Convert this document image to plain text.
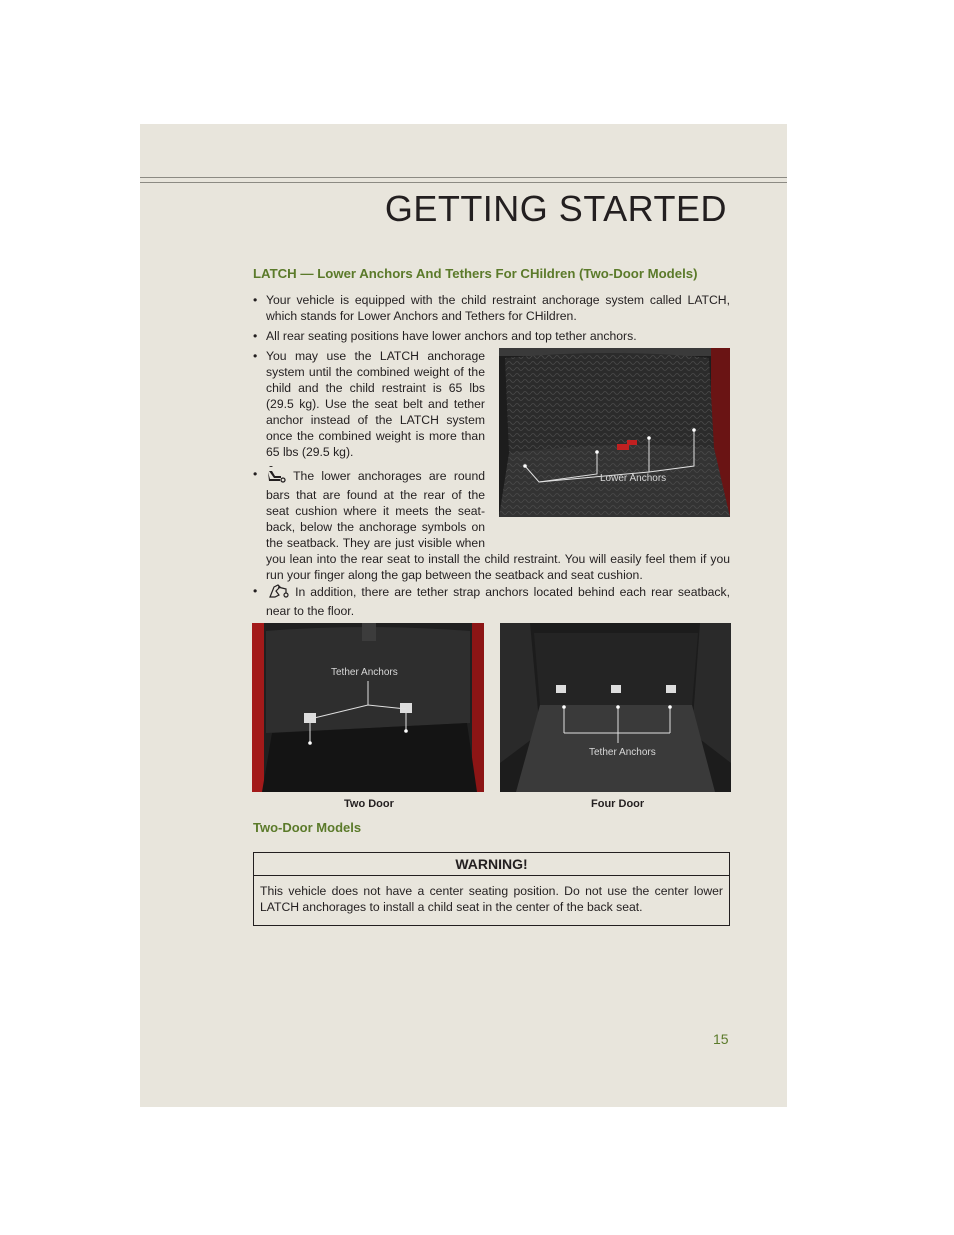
GETTING STARTED
LATCH — Lower Anchors And Tethers For CHildren (Two-Door Models)
• Your vehicle is equipped with the child restraint anchorage system called LATCH, which stands for Lower Anchors and Tethers for CHildren.
• All rear seating positions have lower anchors and top tether anchors.
• You may use the LATCH anchorage system until the combined weight of the child and the child restraint is 65 lbs (29.5 kg). Use the seat belt and tether anchor instead of the LATCH system once the combined weight is more than 65 lbs (29.5 kg).
•	The lower anchorages are round bars that are found at the rear of the seat cushion where it meets the seat-back, below the anchorage symbols on the seatback. They are just visible when you lean into the rear seat to install the child restraint. You will easily feel them if you run your finger along the gap between the seatback and seat cushion.
•	In addition, there are tether strap anchors located behind each rear seatback, near to the floor.
Lower Anchors
Tether Anchors
Tether Anchors
Two Door	Four Door
Two-Door Models
WARNING!
This vehicle does not have a center seating position. Do not use the center lower LATCH anchorages to install a child seat in the center of the back seat.
15
